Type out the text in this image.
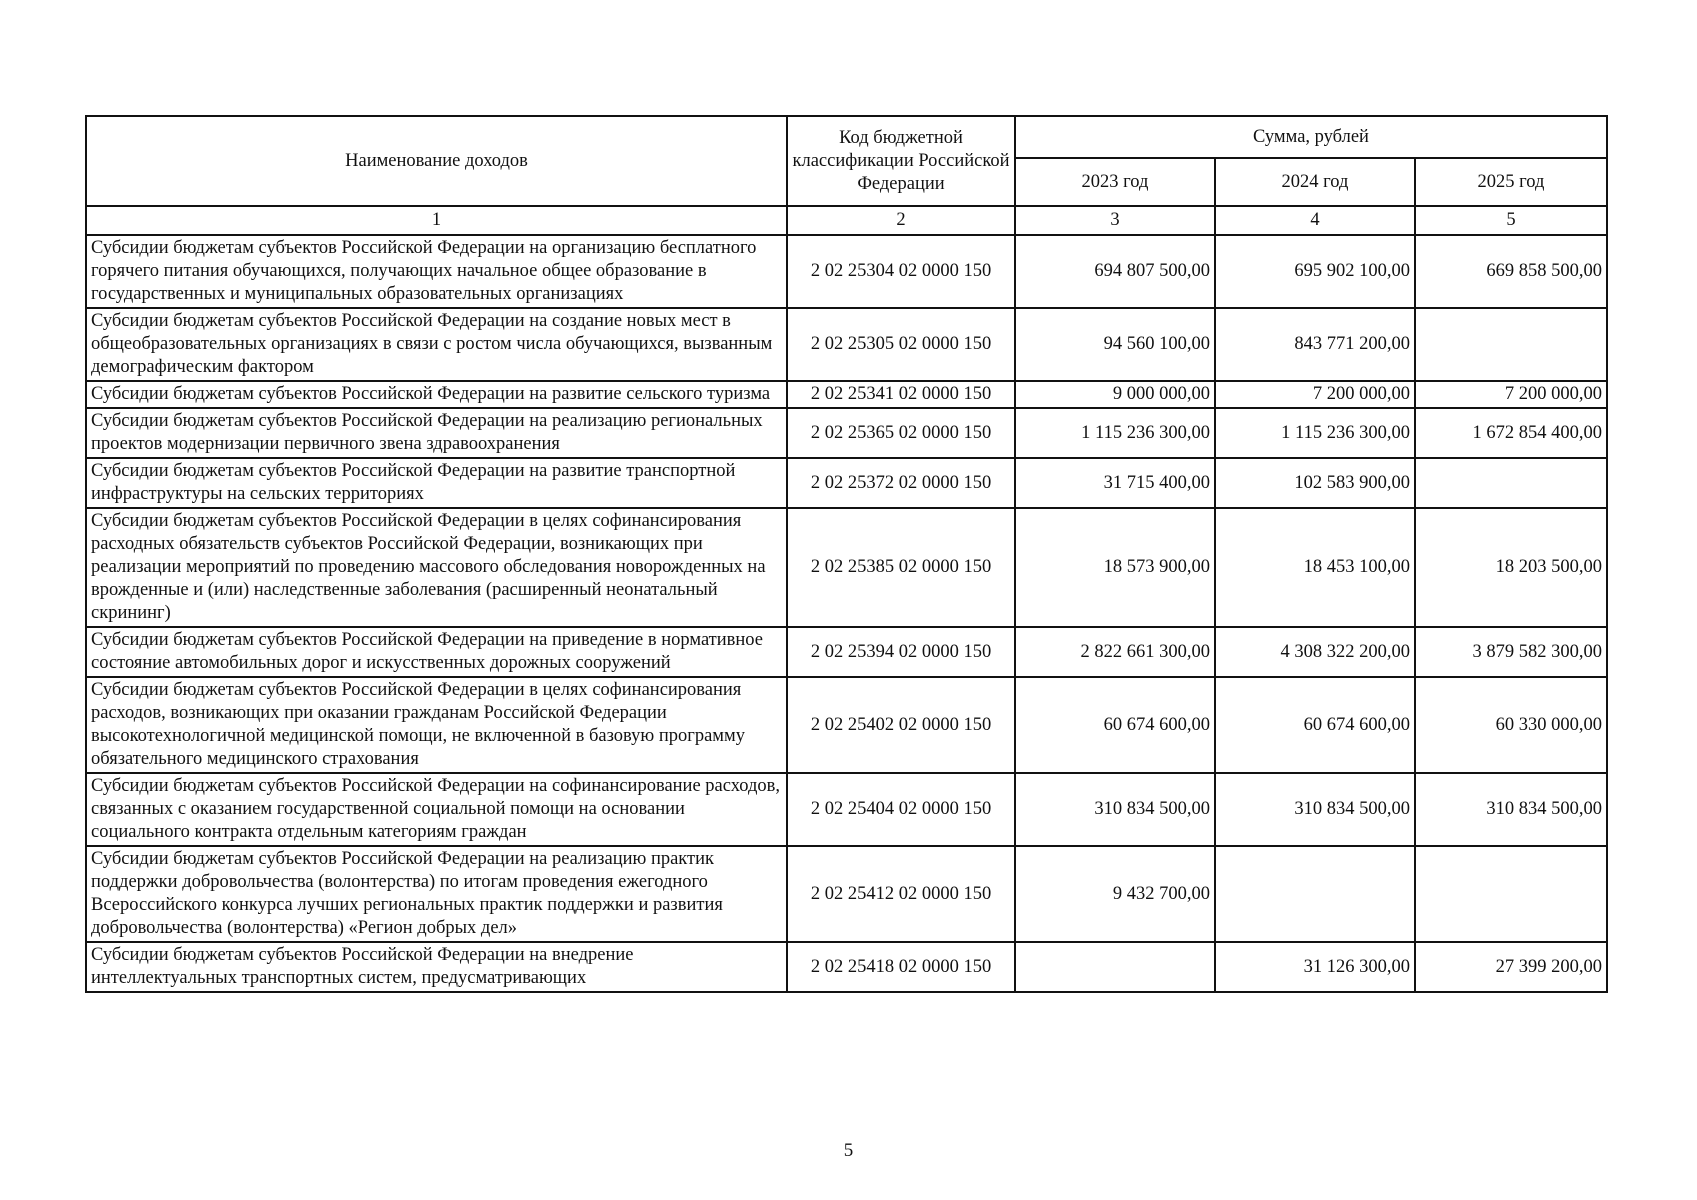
Наименование доходов	Код бюджетной классификации Российской Федерации	Сумма, рублей		
		2023 год	2024 год	2025 год
1	2	3	4	5
Субсидии бюджетам субъектов Российской Федерации на организацию бесплатного горячего питания обучающихся, получающих начальное общее образование в государственных и муниципальных образовательных организациях	2 02 25304 02 0000 150	694 807 500,00	695 902 100,00	669 858 500,00
Субсидии бюджетам субъектов Российской Федерации на создание новых мест в общеобразовательных организациях в связи с ростом числа обучающихся, вызванным демографическим фактором	2 02 25305 02 0000 150	94 560 100,00	843 771 200,00	
Субсидии бюджетам субъектов Российской Федерации на развитие сельского туризма	2 02 25341 02 0000 150	9 000 000,00	7 200 000,00	7 200 000,00
Субсидии бюджетам субъектов Российской Федерации на реализацию региональных проектов модернизации первичного звена здравоохранения	2 02 25365 02 0000 150	1 115 236 300,00	1 115 236 300,00	1 672 854 400,00
Субсидии бюджетам субъектов Российской Федерации на развитие транспортной инфраструктуры на сельских территориях	2 02 25372 02 0000 150	31 715 400,00	102 583 900,00	
Субсидии бюджетам субъектов Российской Федерации в целях софинансирования расходных обязательств субъектов Российской Федерации, возникающих при реализации мероприятий по проведению массового обследования новорожденных на врожденные и (или) наследственные заболевания (расширенный неонатальный скрининг)	2 02 25385 02 0000 150	18 573 900,00	18 453 100,00	18 203 500,00
Субсидии бюджетам субъектов Российской Федерации на приведение в нормативное состояние автомобильных дорог и искусственных дорожных сооружений	2 02 25394 02 0000 150	2 822 661 300,00	4 308 322 200,00	3 879 582 300,00
Субсидии бюджетам субъектов Российской Федерации в целях софинансирования расходов, возникающих при оказании гражданам Российской Федерации высокотехнологичной медицинской помощи, не включенной в базовую программу обязательного медицинского страхования	2 02 25402 02 0000 150	60 674 600,00	60 674 600,00	60 330 000,00
Субсидии бюджетам субъектов Российской Федерации на софинансирование расходов, связанных с оказанием государственной социальной помощи на основании социального контракта отдельным категориям граждан	2 02 25404 02 0000 150	310 834 500,00	310 834 500,00	310 834 500,00
Субсидии бюджетам субъектов Российской Федерации на реализацию практик поддержки добровольчества (волонтерства) по итогам проведения ежегодного Всероссийского конкурса лучших региональных практик поддержки и развития добровольчества (волонтерства) «Регион добрых дел»	2 02 25412 02 0000 150	9 432 700,00		
Субсидии бюджетам субъектов Российской Федерации на внедрение интеллектуальных транспортных систем, предусматривающих	2 02 25418 02 0000 150		31 126 300,00	27 399 200,00
5
